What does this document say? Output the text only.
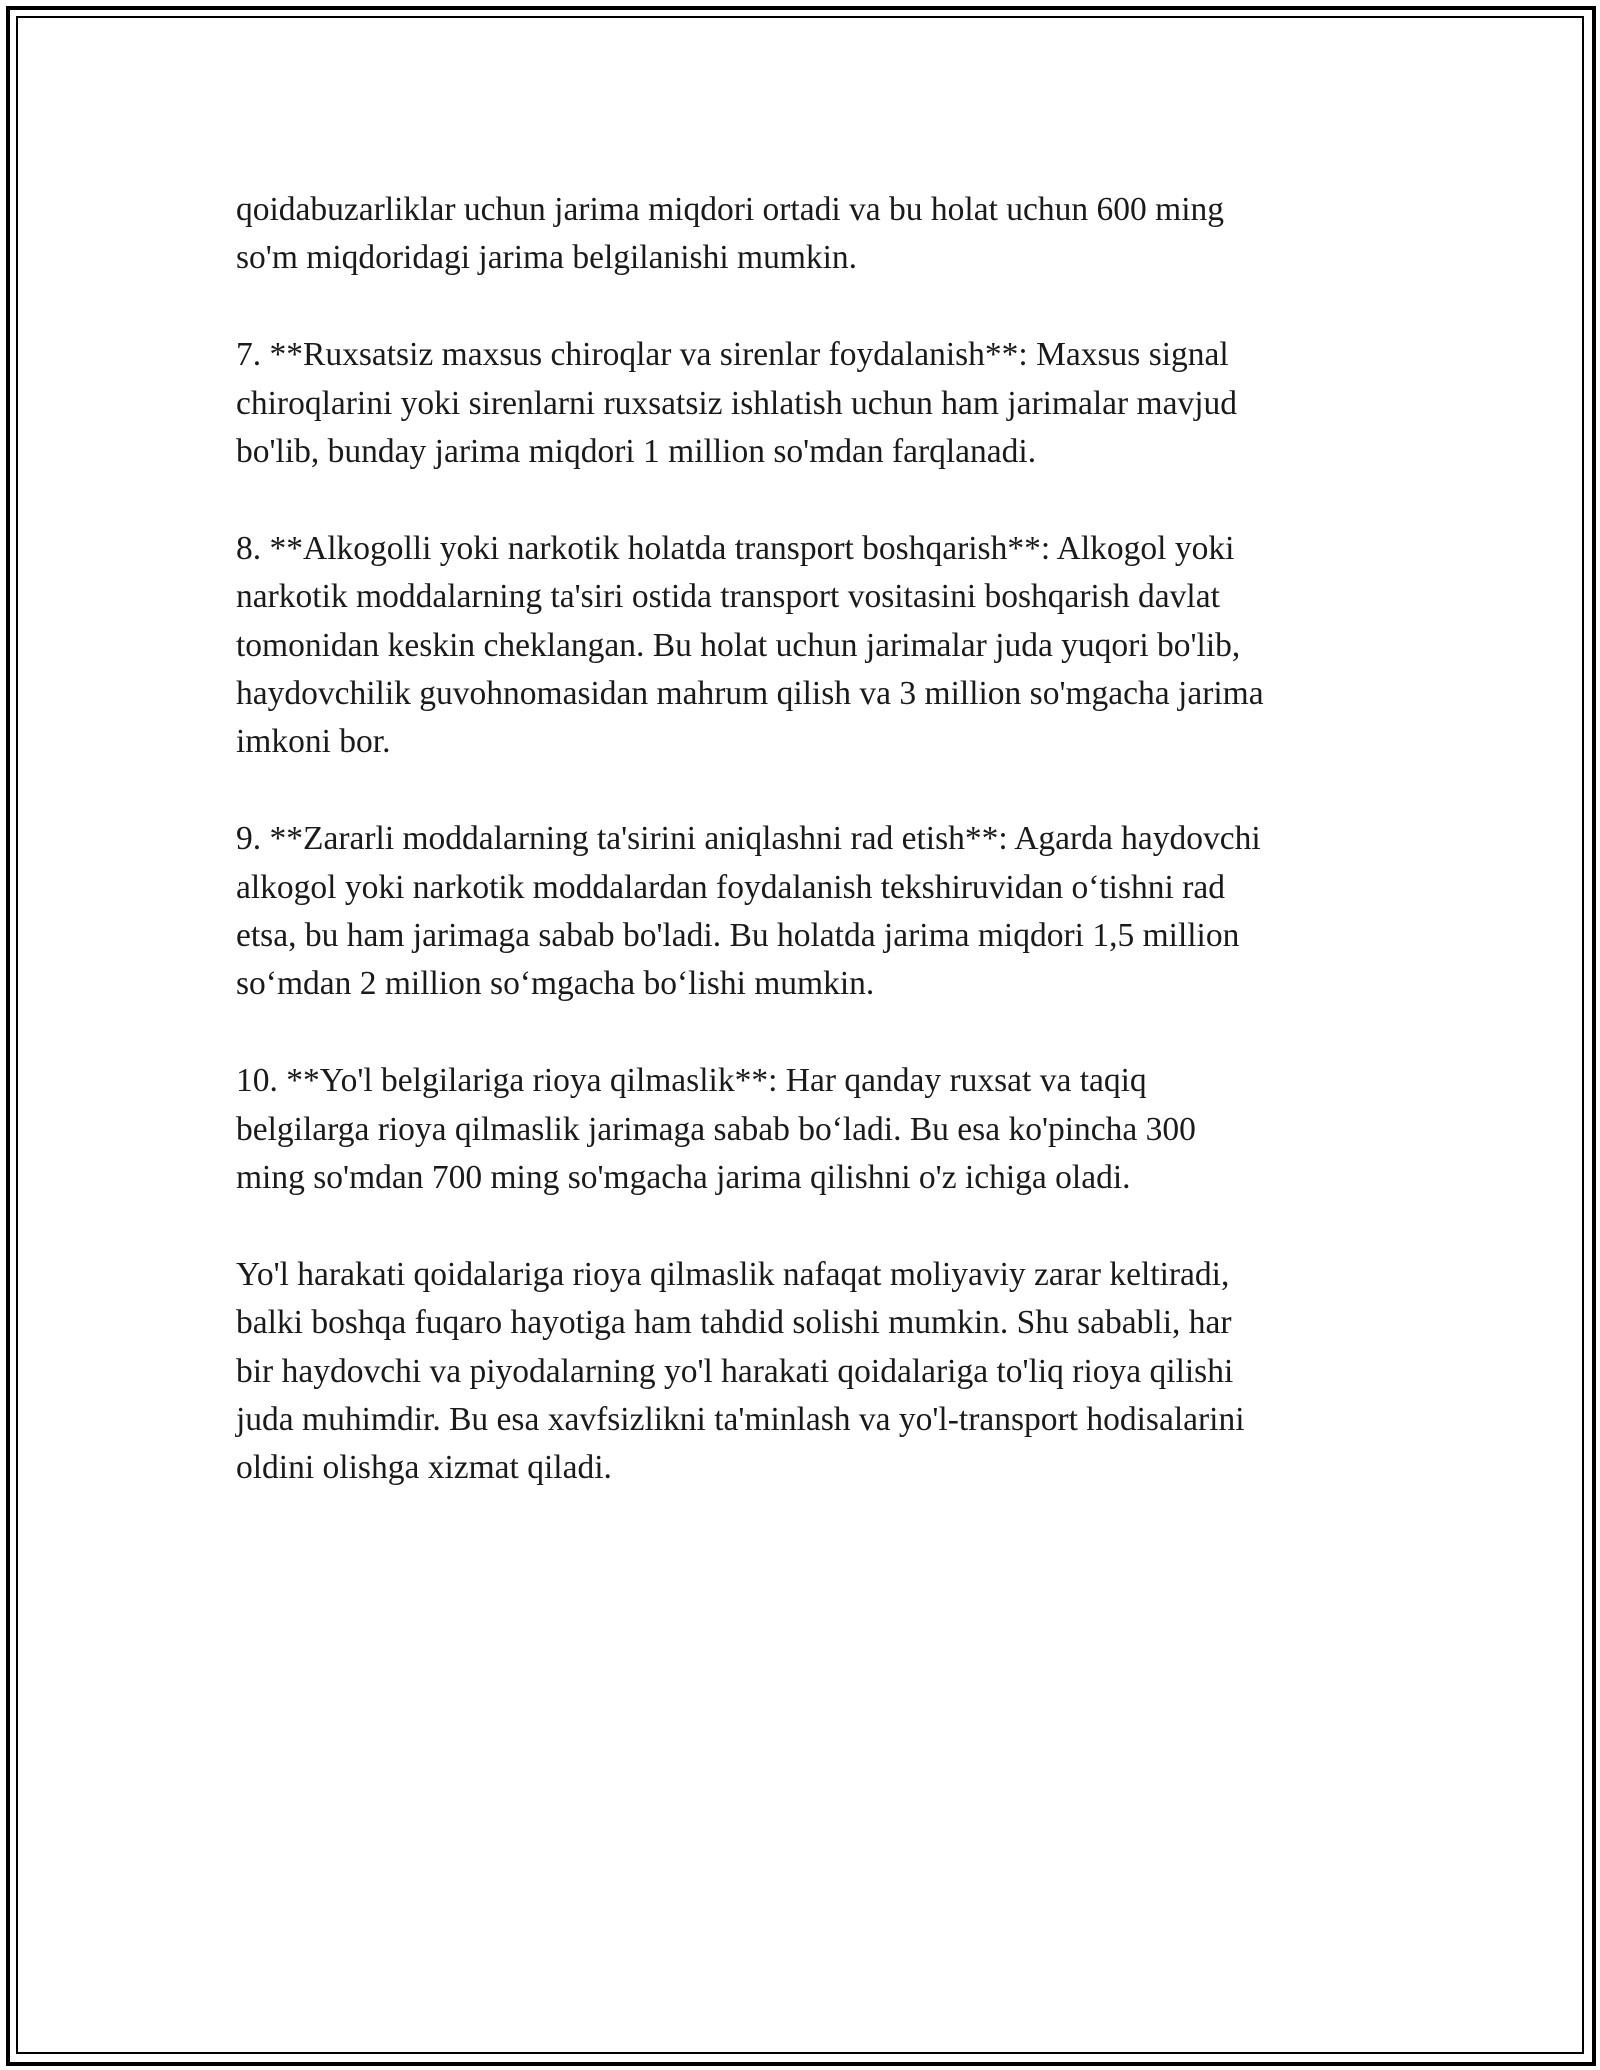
qoidabuzarliklar uchun jarima miqdori ortadi va bu holat uchun 600 ming
so'm miqdoridagi jarima belgilanishi mumkin.

7. **Ruxsatsiz maxsus chiroqlar va sirenlar foydalanish**: Maxsus signal
chiroqlarini yoki sirenlarni ruxsatsiz ishlatish uchun ham jarimalar mavjud
bo'lib, bunday jarima miqdori 1 million so'mdan farqlanadi.

8. **Alkogolli yoki narkotik holatda transport boshqarish**: Alkogol yoki
narkotik moddalarning ta'siri ostida transport vositasini boshqarish davlat
tomonidan keskin cheklangan. Bu holat uchun jarimalar juda yuqori bo'lib,
haydovchilik guvohnomasidan mahrum qilish va 3 million so'mgacha jarima
imkoni bor.

9. **Zararli moddalarning ta'sirini aniqlashni rad etish**: Agarda haydovchi
alkogol yoki narkotik moddalardan foydalanish tekshiruvidan o‘tishni rad
etsa, bu ham jarimaga sabab bo'ladi. Bu holatda jarima miqdori 1,5 million
so‘mdan 2 million so‘mgacha bo‘lishi mumkin.

10. **Yo'l belgilariga rioya qilmaslik**: Har qanday ruxsat va taqiq
belgilarga rioya qilmaslik jarimaga sabab bo‘ladi. Bu esa ko'pincha 300
ming so'mdan 700 ming so'mgacha jarima qilishni o'z ichiga oladi.

Yo'l harakati qoidalariga rioya qilmaslik nafaqat moliyaviy zarar keltiradi,
balki boshqa fuqaro hayotiga ham tahdid solishi mumkin. Shu sababli, har
bir haydovchi va piyodalarning yo'l harakati qoidalariga to'liq rioya qilishi
juda muhimdir. Bu esa xavfsizlikni ta'minlash va yo'l-transport hodisalarini
oldini olishga xizmat qiladi.
